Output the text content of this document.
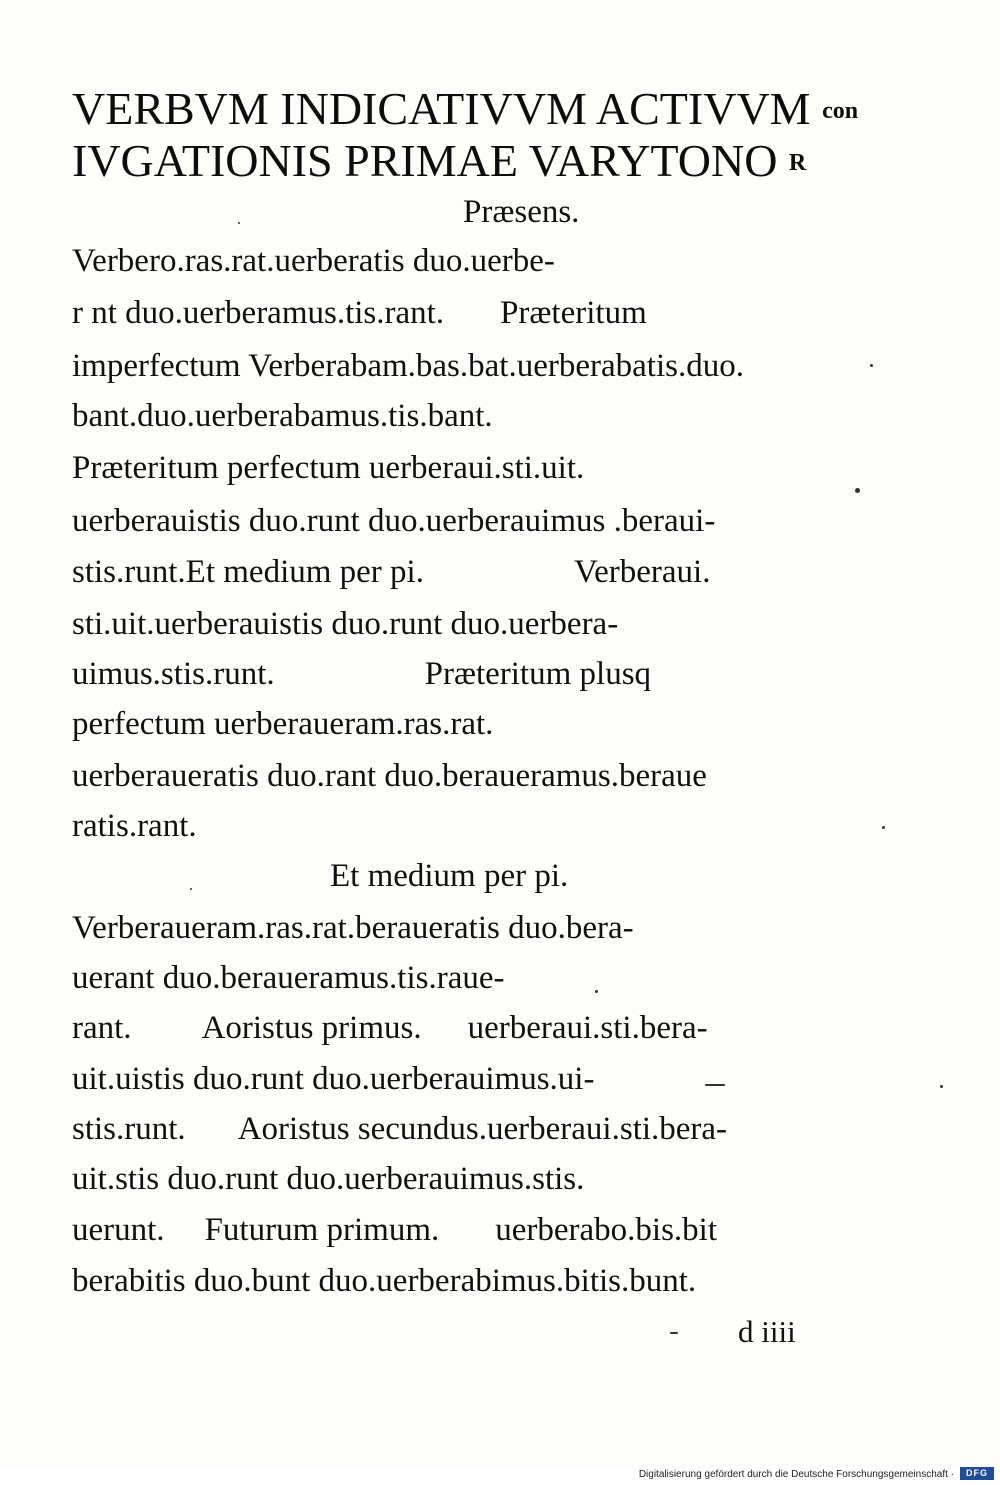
VERBVM INDICATIVVM ACTIVVM con
IVGATIONIS PRIMAE VARYTONO R
Præsens.
Verbero.ras.rat.uerberatis duo.uerbe-
r nt duo.uerberamus.tis.rant. Præteritum
imperfectum Verberabam.bas.bat.uerberabatis.duo.
bant.duo.uerberabamus.tis.bant.
Præteritum perfectum uerberaui.sti.uit.
uerberauistis duo.runt duo.uerberauimus .beraui-
stis.runt.Et medium per pi.	Verberaui.
sti.uit.uerberauistis duo.runt duo.uerbera-
uimus.stis.runt.	Præteritum plusq
perfectum uerberaueram.ras.rat.
uerberaueratis duo.rant duo.beraueramus.beraue
ratis.rant.
Et medium per pi.
Verberaueram.ras.rat.beraueratis duo.bera-
uerant duo.beraueramus.tis.raue-
rant. Aoristus primus. uerberaui.sti.bera-
uit.uistis duo.runt duo.uerberauimus.ui-
stis.runt. Aoristus secundus.uerberaui.sti.bera-
uit.stis duo.runt duo.uerberauimus.stis.
uerunt. Futurum primum. uerberabo.bis.bit
berabitis duo.bunt duo.uerberabimus.bitis.bunt.
d iiii
Digitalisierung gefördert durch die Deutsche Forschungsgemeinschaft ·	DFG
